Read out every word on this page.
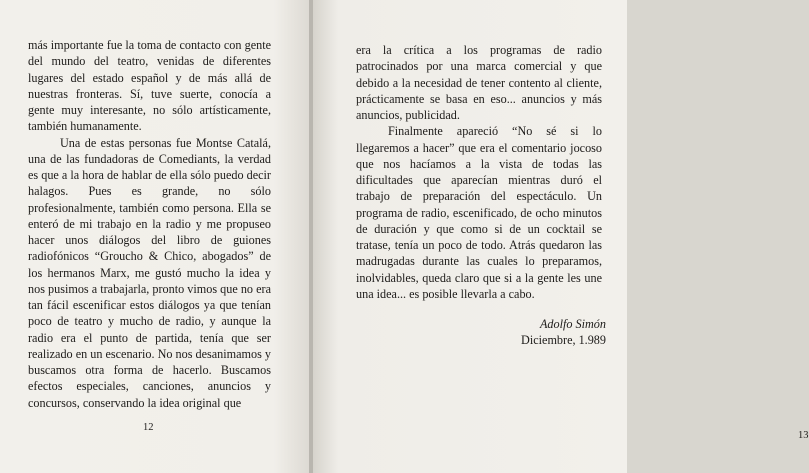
más importante fue la toma de contacto con gente del mundo del teatro, venidas de diferentes lugares del estado español y de más allá de nuestras fronteras. Sí, tuve suerte, conocía a gente muy interesante, no sólo artísticamente, también humanamente.

Una de estas personas fue Montse Catalá, una de las fundadoras de Comediants, la verdad es que a la hora de hablar de ella sólo puedo decir halagos. Pues es grande, no sólo profesionalmente, también como persona. Ella se enteró de mi trabajo en la radio y me propuseo hacer unos diálogos del libro de guiones radiofónicos “Groucho & Chico, abogados” de los hermanos Marx, me gustó mucho la idea y nos pusimos a trabajarla, pronto vimos que no era tan fácil escenificar estos diálogos ya que tenían poco de teatro y mucho de radio, y aunque la radio era el punto de partida, tenía que ser realizado en un escenario. No nos desanimamos y buscamos otra forma de hacerlo. Buscamos efectos especiales, canciones, anuncios y concursos, conservando la idea original que

12

era la crítica a los programas de radio patrocinados por una marca comercial y que debido a la necesidad de tener contento al cliente, prácticamente se basa en eso... anuncios y más anuncios, publicidad.

Finalmente apareció “No sé si lo llegaremos a hacer” que era el comentario jocoso que nos hacíamos a la vista de todas las dificultades que aparecían mientras duró el trabajo de preparación del espectáculo. Un programa de radio, escenificado, de ocho minutos de duración y que como si de un cocktail se tratase, tenía un poco de todo. Atrás quedaron las madrugadas durante las cuales lo preparamos, inolvidables, queda claro que si a la gente les une una idea... es posible llevarla a cabo.

Adolfo Simón
Diciembre, 1.989
13
